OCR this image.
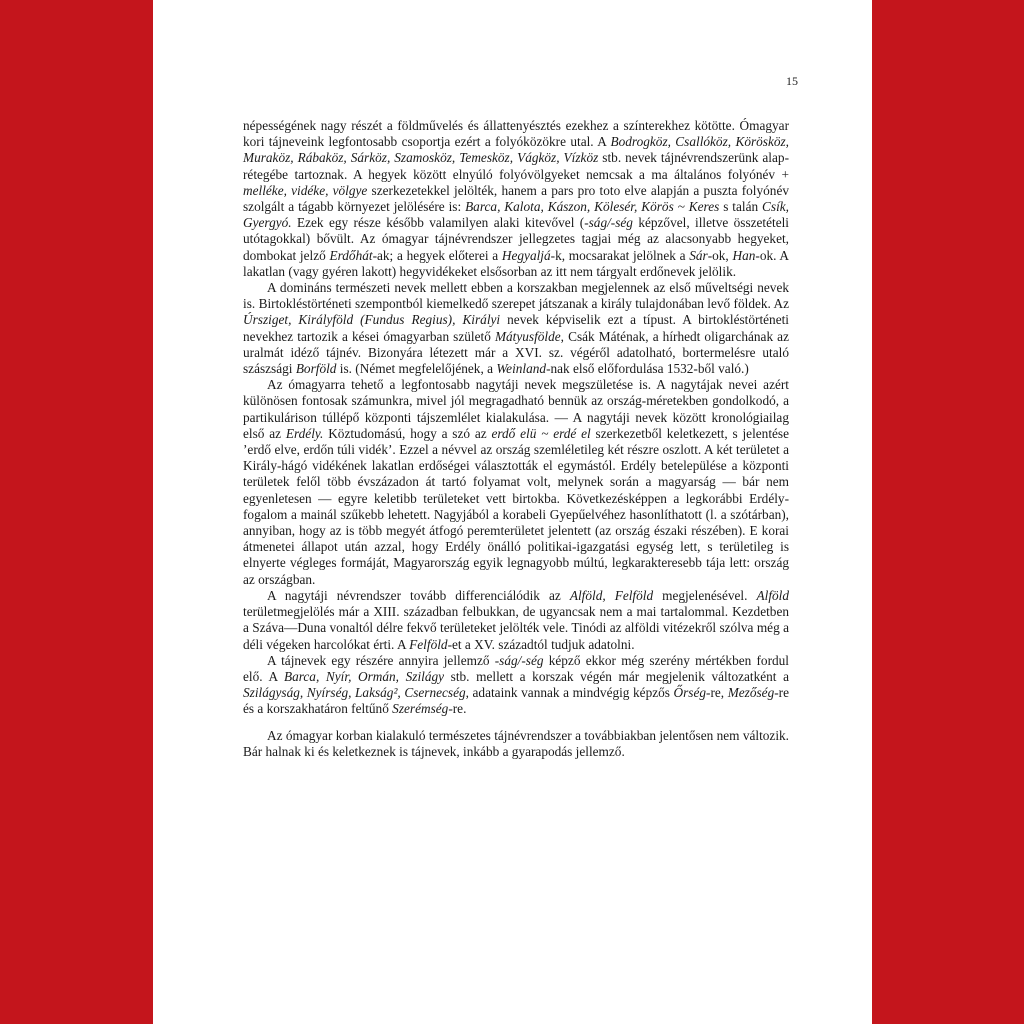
15

népességének nagy részét a földművelés és állattenyésztés ezekhez a színterekhez kötötte. Ómagyar kori tájneveink legfontosabb csoportja ezért a folyóközökre utal. A Bodrogköz, Csallóköz, Körösköz, Muraköz, Rábaköz, Sárköz, Szamosköz, Temesköz, Vágköz, Vízköz stb. nevek tájnévrendszerünk alaprétegébe tartoznak. A hegyek között elnyúló folyóvölgyeket nemcsak a ma általános folyónév + melléke, vidéke, völgye szerkezetekkel jelölték, hanem a pars pro toto elve alapján a puszta folyónév szolgált a tágabb környezet jelölésére is: Barca, Kalota, Kászon, Kölesér, Körös ~ Keres s talán Csík, Gyergyó. Ezek egy része később valamilyen alaki kitevővel (-ság/-ség képzővel, illetve összetételi utótagokkal) bővült. Az ómagyar tájnévrendszer jellegzetes tagjai még az alacsonyabb hegyeket, dombokat jelző Erdőhát-ak; a hegyek előterei a Hegyaljá-k, mocsarakat jelölnek a Sár-ok, Han-ok. A lakatlan (vagy gyéren lakott) hegyvidékeket elsősorban az itt nem tárgyalt erdőnevek jelölik.

A domináns természeti nevek mellett ebben a korszakban megjelennek az első műveltségi nevek is. Birtokléstörténeti szempontból kiemelkedő szerepet játszanak a király tulajdonában levő földek. Az Úrsziget, Királyföld (Fundus Regius), Királyi nevek képviselik ezt a típust. A birtokléstörténeti nevekhez tartozik a kései ómagyarban születő Mátyusfölde, Csák Máténak, a hírhedt oligarchának az uralmát idéző tájnév. Bizonyára létezett már a XVI. sz. végéről adatolható, bortermelésre utaló szászsági Borföld is. (Német megfelelőjének, a Weinland-nak első előfordulása 1532-ből való.)

Az ómagyarra tehető a legfontosabb nagytáji nevek megszületése is. A nagytájak nevei azért különösen fontosak számunkra, mivel jól megragadható bennük az ország-méretekben gondolkodó, a partikulárison túllépő központi tájszemlélet kialakulása. — A nagytáji nevek között kronológiailag első az Erdély. Köztudomású, hogy a szó az erdő elü ~ erdé el szerkezetből keletkezett, s jelentése ’erdő elve, erdőn túli vidék’. Ezzel a névvel az ország szemléletileg két részre oszlott. A két területet a Király-hágó vidékének lakatlan erdőségei választották el egymástól. Erdély betelepülése a központi területek felől több évszázadon át tartó folyamat volt, melynek során a magyarság — bár nem egyenletesen — egyre keletibb területeket vett birtokba. Következésképpen a legkorábbi Erdély-fogalom a mainál szűkebb lehetett. Nagyjából a korabeli Gyepűelvéhez hasonlíthatott (l. a szótárban), annyiban, hogy az is több megyét átfogó peremterületet jelentett (az ország északi részében). E korai átmenetei állapot után azzal, hogy Erdély önálló politikai-igazgatási egység lett, s területileg is elnyerte végleges formáját, Magyarország egyik legnagyobb múltú, legkarakteresebb tája lett: ország az országban.

A nagytáji névrendszer tovább differenciálódik az Alföld, Felföld megjelenésével. Alföld területmegjelölés már a XIII. században felbukkan, de ugyancsak nem a mai tartalommal. Kezdetben a Száva—Duna vonaltól délre fekvő területeket jelölték vele. Tinódi az alföldi vitézekről szólva még a déli végeken harcolókat érti. A Felföld-et a XV. századtól tudjuk adatolni.

A tájnevek egy részére annyira jellemző -ság/-ség képző ekkor még szerény mértékben fordul elő. A Barca, Nyír, Ormán, Szilágy stb. mellett a korszak végén már megjelenik változatként a Szilágyság, Nyírség, Lakság², Csernecség, adataink vannak a mindvégig képzős Őrség-re, Mezőség-re és a korszakhatáron feltűnő Szerémség-re.

Az ómagyar korban kialakuló természetes tájnévrendszer a továbbiakban jelentősen nem változik. Bár halnak ki és keletkeznek is tájnevek, inkább a gyarapodás jellemző.
